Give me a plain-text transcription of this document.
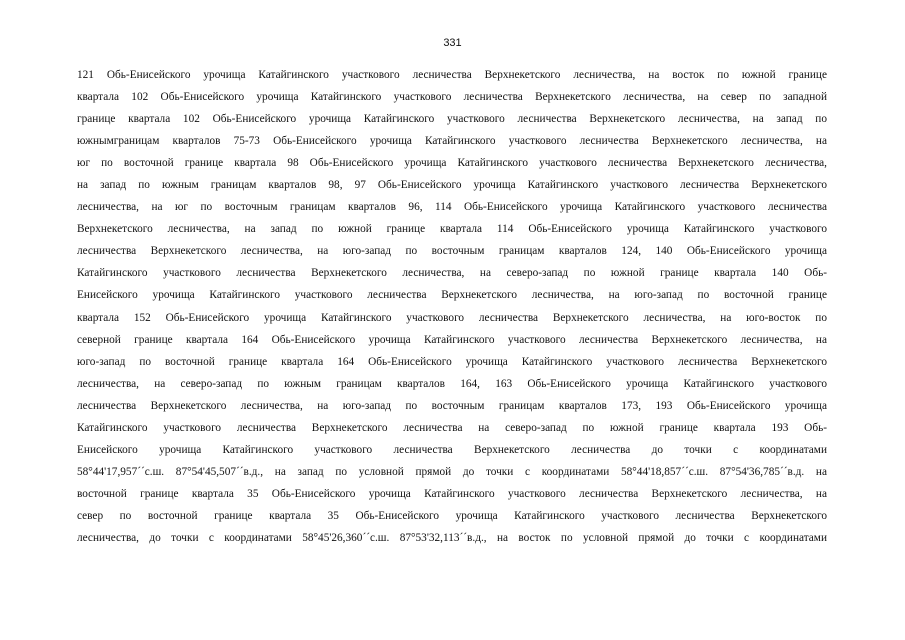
331
121 Обь-Енисейского урочища Катайгинского участкового лесничества Верхнекетского лесничества, на восток по южной границе
квартала 102 Обь-Енисейского урочища Катайгинского участкового лесничества Верхнекетского лесничества, на север по западной
границе квартала 102 Обь-Енисейского урочища Катайгинского участкового лесничества Верхнекетского лесничества, на запад по
южнымграницам кварталов 75-73 Обь-Енисейского урочища Катайгинского участкового лесничества Верхнекетского лесничества, на
юг по восточной границе квартала 98 Обь-Енисейского урочища Катайгинского участкового лесничества Верхнекетского лесничества,
на запад по южным границам кварталов 98, 97 Обь-Енисейского урочища Катайгинского участкового лесничества Верхнекетского
лесничества, на юг по восточным границам кварталов 96, 114 Обь-Енисейского урочища Катайгинского участкового лесничества
Верхнекетского лесничества, на запад по южной границе квартала 114 Обь-Енисейского урочища Катайгинского участкового
лесничества Верхнекетского лесничества, на юго-запад по восточным границам кварталов 124, 140 Обь-Енисейского урочища
Катайгинского участкового лесничества Верхнекетского лесничества, на северо-запад по южной границе квартала 140 Обь-
Енисейского урочища Катайгинского участкового лесничества Верхнекетского лесничества, на юго-запад по восточной границе
квартала 152 Обь-Енисейского урочища Катайгинского участкового лесничества Верхнекетского лесничества, на юго-восток по
северной границе квартала 164 Обь-Енисейского урочища Катайгинского участкового лесничества Верхнекетского лесничества, на
юго-запад по восточной границе квартала 164 Обь-Енисейского урочища Катайгинского участкового лесничества Верхнекетского
лесничества, на северо-запад по южным границам кварталов 164, 163 Обь-Енисейского урочища Катайгинского участкового
лесничества Верхнекетского лесничества, на юго-запад по восточным границам кварталов 173, 193 Обь-Енисейского урочища
Катайгинского участкового лесничества Верхнекетского лесничества на северо-запад по южной границе квартала 193 Обь-
Енисейского урочища Катайгинского участкового лесничества Верхнекетского лесничества до точки с координатами
58°44'17,957´´с.ш. 87°54'45,507´´в.д., на запад по условной прямой до точки с координатами 58°44'18,857´´с.ш. 87°54'36,785´´в.д. на
восточной границе квартала 35 Обь-Енисейского урочища Катайгинского участкового лесничества Верхнекетского лесничества, на
север по восточной границе квартала 35 Обь-Енисейского урочища Катайгинского участкового лесничества Верхнекетского
лесничества, до точки с координатами 58°45'26,360´´с.ш. 87°53'32,113´´в.д., на восток по условной прямой до точки с координатами
